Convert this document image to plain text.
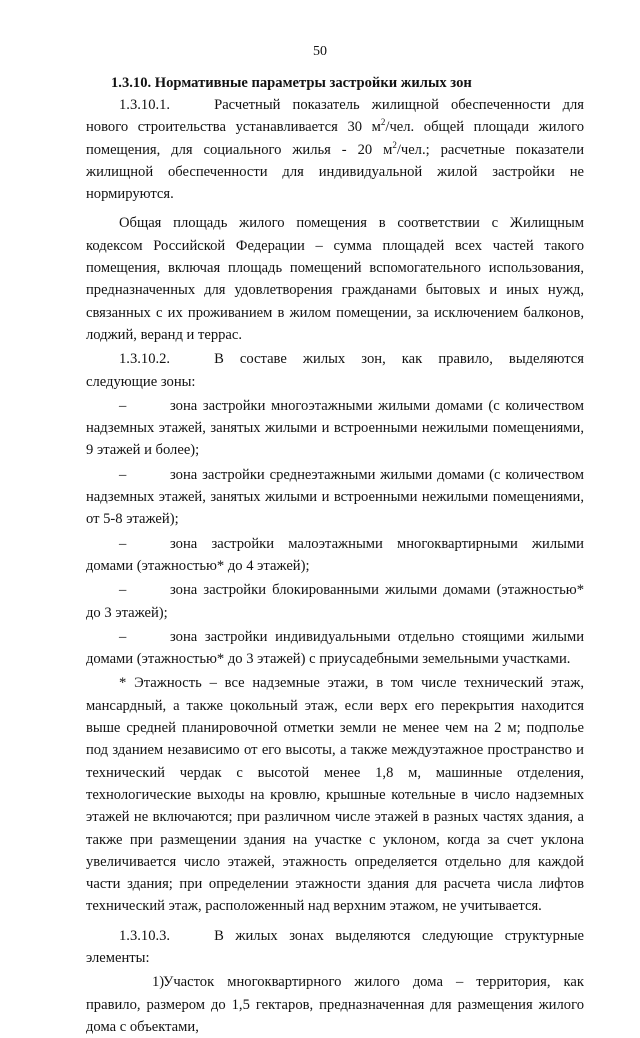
50

1.3.10. Нормативные параметры застройки жилых зон

1.3.10.1.	Расчетный показатель жилищной обеспеченности для нового строительства устанавливается 30 $м^2$/чел. общей площади жилого помещения, для социального жилья - 20 $м^2$/чел.; расчетные показатели жилищной обеспеченности для индивидуальной жилой застройки не нормируются.

Общая площадь жилого помещения в соответствии с Жилищным кодексом Российской Федерации – сумма площадей всех частей такого помещения, включая площадь помещений вспомогательного использования, предназначенных для удовлетворения гражданами бытовых и иных нужд, связанных с их проживанием в жилом помещении, за исключением балконов, лоджий, веранд и террас.

1.3.10.2.	В составе жилых зон, как правило, выделяются следующие зоны:

–	зона застройки многоэтажными жилыми домами (с количеством надземных этажей, занятых жилыми и встроенными нежилыми помещениями, 9 этажей и более);

–	зона застройки среднеэтажными жилыми домами (с количеством надземных этажей, занятых жилыми и встроенными нежилыми помещениями, от 5-8 этажей);

–	зона застройки малоэтажными многоквартирными жилыми домами (этажностью* до 4 этажей);

–	зона застройки блокированными жилыми домами (этажностью* до 3 этажей);

–	зона застройки индивидуальными отдельно стоящими жилыми домами (этажностью* до 3 этажей) с приусадебными земельными участками.

* Этажность – все надземные этажи, в том числе технический этаж, мансардный, а также цокольный этаж, если верх его перекрытия находится выше средней планировочной отметки земли не менее чем на 2 м; подполье под зданием независимо от его высоты, а также междуэтажное пространство и технический чердак с высотой менее 1,8 м, машинные отделения, технологические выходы на кровлю, крышные котельные в число надземных этажей не включаются; при различном числе этажей в разных частях здания, а также при размещении здания на участке с уклоном, когда за счет уклона увеличивается число этажей, этажность определяется отдельно для каждой части здания; при определении этажности здания для расчета числа лифтов технический этаж, расположенный над верхним этажом, не учитывается.

1.3.10.3.	В жилых зонах выделяются следующие структурные элементы:

1)Участок многоквартирного жилого дома – территория, как правило, размером до 1,5 гектаров, предназначенная для размещения жилого дома с объектами,
